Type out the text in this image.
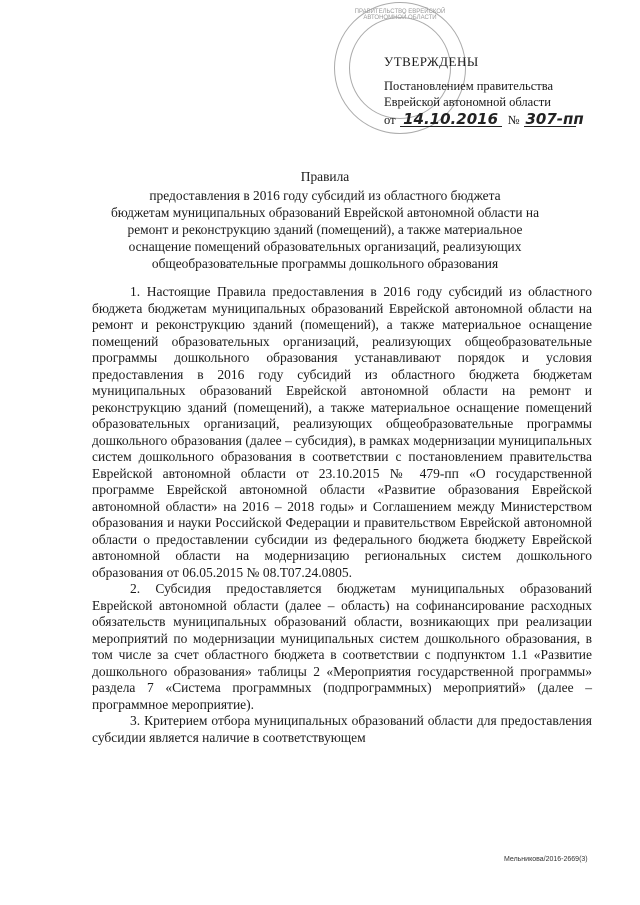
ПРАВИТЕЛЬСТВО ЕВРЕЙСКОЙ АВТОНОМНОЙ ОБЛАСТИ
УТВЕРЖДЕНЫ
Постановлением правительства
Еврейской автономной области
от 14.10.2016 № 307-пп
Правила
предоставления в 2016 году субсидий из областного бюджета
бюджетам муниципальных образований Еврейской автономной области на
ремонт и реконструкцию зданий (помещений), а также материальное
оснащение помещений образовательных организаций, реализующих
общеобразовательные программы дошкольного образования

1. Настоящие Правила предоставления в 2016 году субсидий из областного бюджета бюджетам муниципальных образований Еврейской автономной области на ремонт и реконструкцию зданий (помещений), а также материальное оснащение помещений образовательных организаций, реализующих общеобразовательные программы дошкольного образования устанавливают порядок и условия предоставления в 2016 году субсидий из областного бюджета бюджетам муниципальных образований Еврейской автономной области на ремонт и реконструкцию зданий (помещений), а также материальное оснащение помещений образовательных организаций, реализующих общеобразовательные программы дошкольного образования (далее – субсидия), в рамках модернизации муниципальных систем дошкольного образования в соответствии с постановлением правительства Еврейской автономной области от 23.10.2015 № 479-пп «О государственной программе Еврейской автономной области «Развитие образования Еврейской автономной области» на 2016 – 2018 годы» и Соглашением между Министерством образования и науки Российской Федерации и правительством Еврейской автономной области о предоставлении субсидии из федерального бюджета бюджету Еврейской автономной области на модернизацию региональных систем дошкольного образования от 06.05.2015 № 08.Т07.24.0805.

2. Субсидия предоставляется бюджетам муниципальных образований Еврейской автономной области (далее – область) на софинансирование расходных обязательств муниципальных образований области, возникающих при реализации мероприятий по модернизации муниципальных систем дошкольного образования, в том числе за счет областного бюджета в соответствии с подпунктом 1.1 «Развитие дошкольного образования» таблицы 2 «Мероприятия государственной программы» раздела 7 «Система программных (подпрограммных) мероприятий» (далее – программное мероприятие).

3. Критерием отбора муниципальных образований области для предоставления субсидии является наличие в соответствующем

Мельникова/2016-2669(3)
